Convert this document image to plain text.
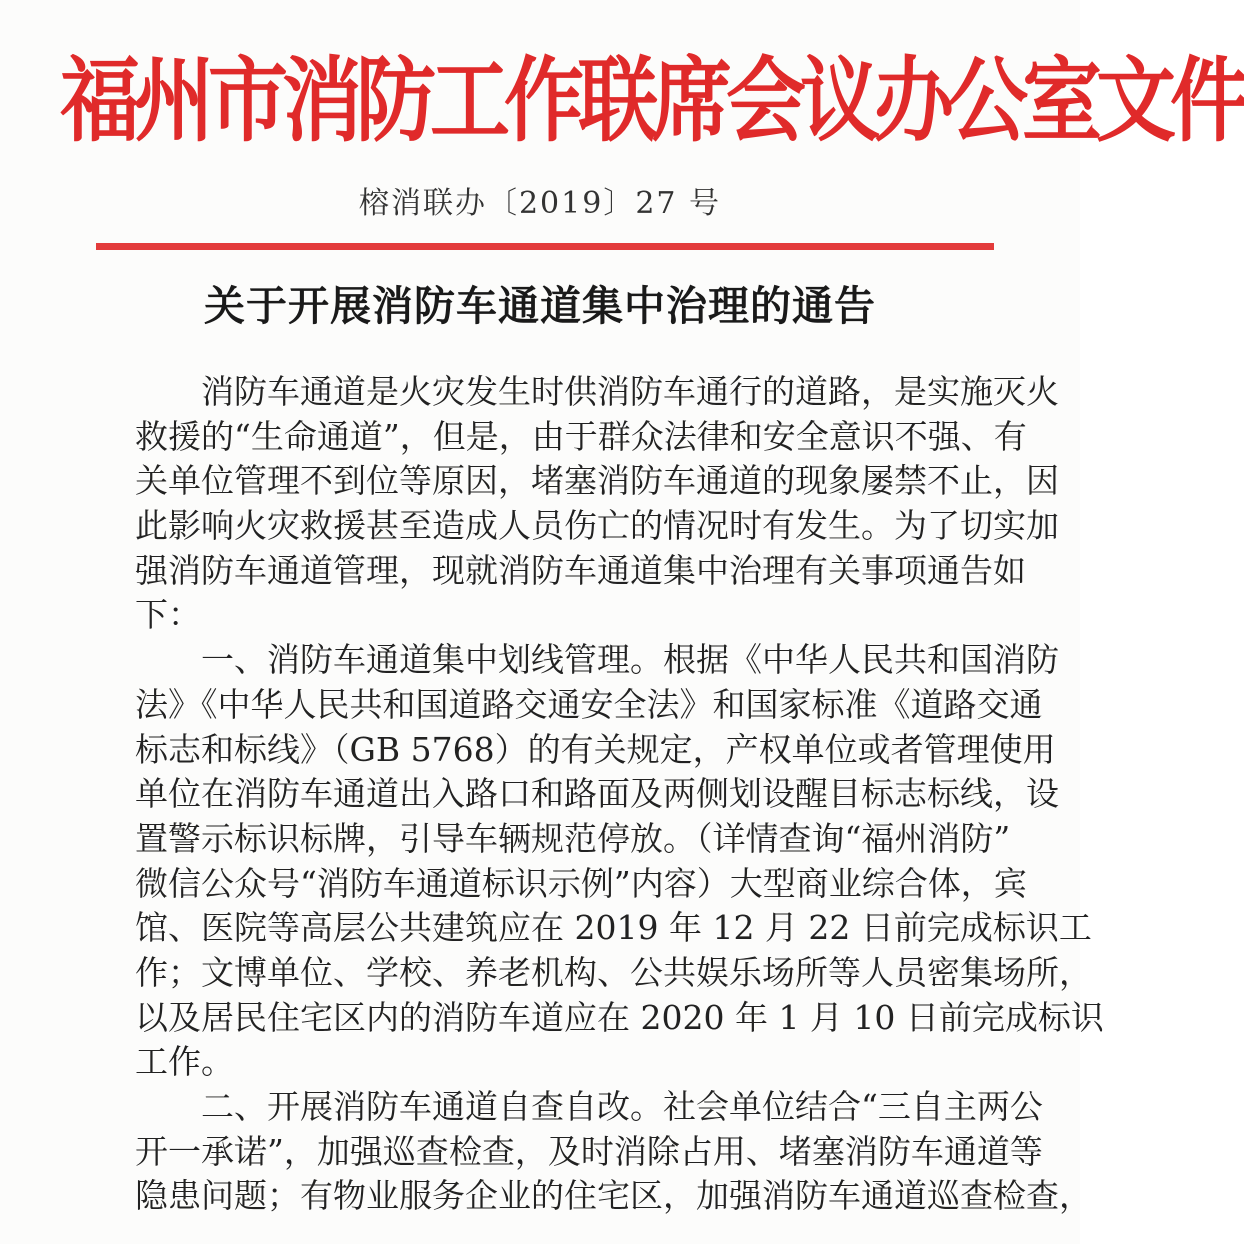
福州市消防工作联席会议办公室文件
榕消联办〔2019〕27 号
关于开展消防车通道集中治理的通告
消防车通道是火灾发生时供消防车通行的道路，是实施灭火
救援的“生命通道”，但是，由于群众法律和安全意识不强、有
关单位管理不到位等原因，堵塞消防车通道的现象屡禁不止，因
此影响火灾救援甚至造成人员伤亡的情况时有发生。为了切实加
强消防车通道管理，现就消防车通道集中治理有关事项通告如
下：
一、消防车通道集中划线管理。根据《中华人民共和国消防
法》《中华人民共和国道路交通安全法》和国家标准《道路交通
标志和标线》（GB 5768）的有关规定，产权单位或者管理使用
单位在消防车通道出入路口和路面及两侧划设醒目标志标线，设
置警示标识标牌，引导车辆规范停放。（详情查询“福州消防”
微信公众号“消防车通道标识示例”内容）大型商业综合体，宾
馆、医院等高层公共建筑应在 2019 年 12 月 22 日前完成标识工
作；文博单位、学校、养老机构、公共娱乐场所等人员密集场所，
以及居民住宅区内的消防车道应在 2020 年 1 月 10 日前完成标识
工作。
二、开展消防车通道自查自改。社会单位结合“三自主两公
开一承诺”，加强巡查检查，及时消除占用、堵塞消防车通道等
隐患问题；有物业服务企业的住宅区，加强消防车通道巡查检查，
